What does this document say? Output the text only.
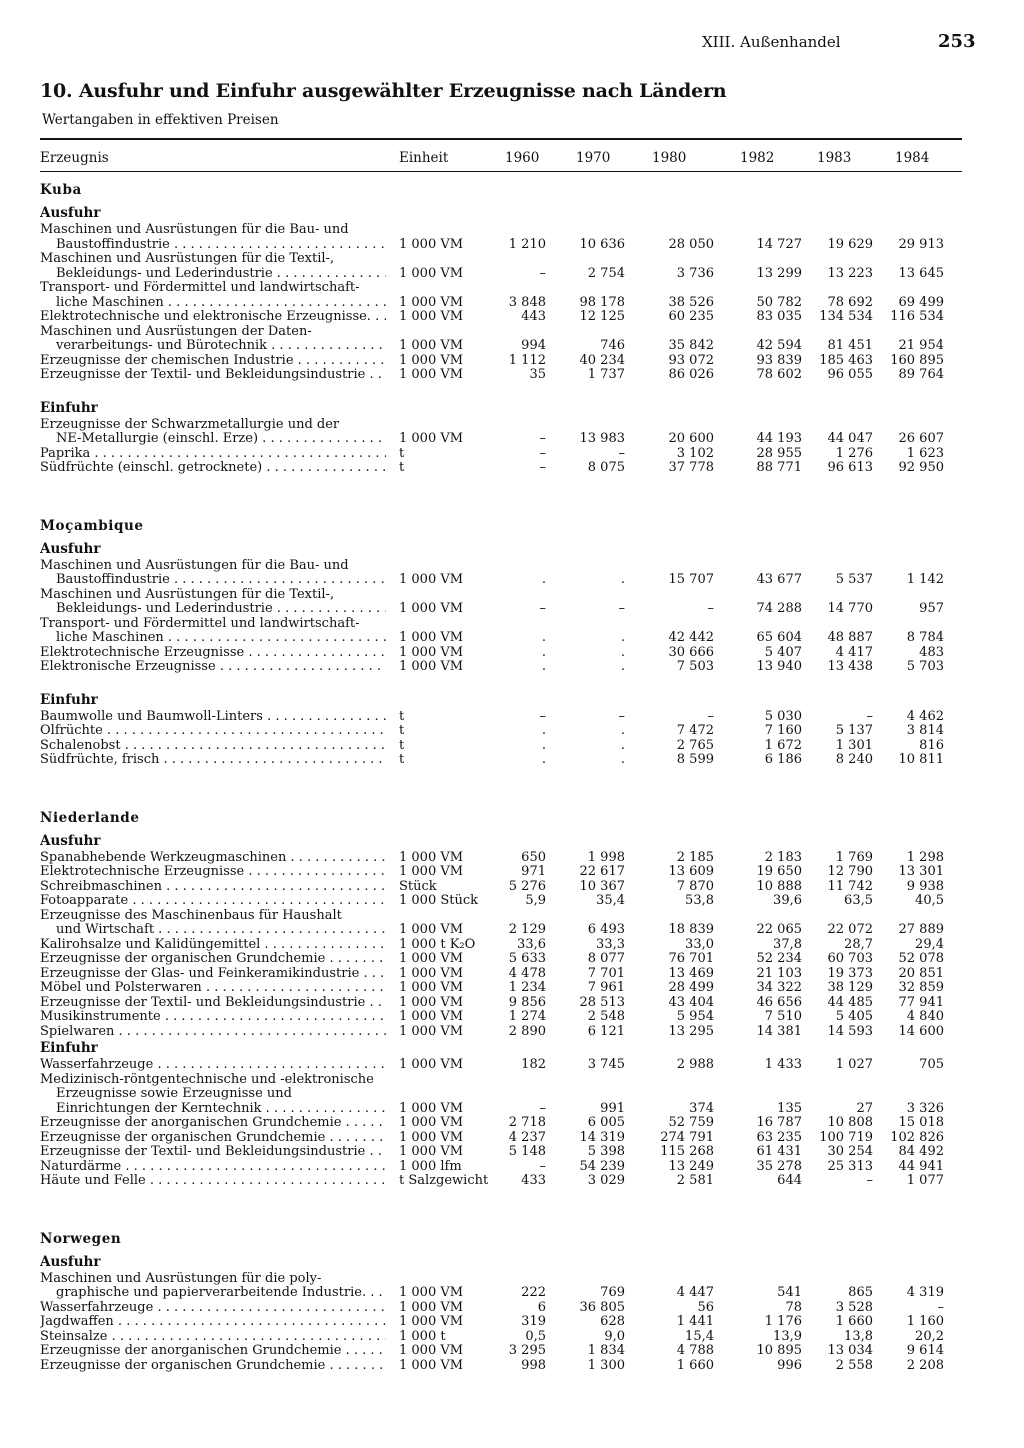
XIII. Außenhandel	253
10. Ausfuhr und Einfuhr ausgewählter Erzeugnisse nach Ländern
Wertangaben in effektiven Preisen
Erzeugnis	Einheit	1960	1970	1980	1982	1983	1984
Kuba
Ausfuhr
Maschinen und Ausrüstungen für die Bau- und
Baustoffindustrie . . .	1 000 VM	1 210	10 636	28 050	14 727	19 629	29 913
Maschinen und Ausrüstungen für die Textil-,
Bekleidungs- und Lederindustrie . . .	1 000 VM	–	2 754	3 736	13 299	13 223	13 645
Transport- und Fördermittel und landwirtschaft-
liche Maschinen . . .	1 000 VM	3 848	98 178	38 526	50 782	78 692	69 499
Elektrotechnische und elektronische Erzeugnisse. . . .	1 000 VM	443	12 125	60 235	83 035	134 534	116 534
Maschinen und Ausrüstungen der Daten-
verarbeitungs- und Bürotechnik . . .	1 000 VM	994	746	35 842	42 594	81 451	21 954
Erzeugnisse der chemischen Industrie . . .	1 000 VM	1 112	40 234	93 072	93 839	185 463	160 895
Erzeugnisse der Textil- und Bekleidungsindustrie . . .	1 000 VM	35	1 737	86 026	78 602	96 055	89 764
Einfuhr
Erzeugnisse der Schwarzmetallurgie und der
NE-Metallurgie (einschl. Erze) . . .	1 000 VM	–	13 983	20 600	44 193	44 047	26 607
Paprika . . .	t	–	–	3 102	28 955	1 276	1 623
Südfrüchte (einschl. getrocknete) . . .	t	–	8 075	37 778	88 771	96 613	92 950
Moçambique
Ausfuhr
Maschinen und Ausrüstungen für die Bau- und
Baustoffindustrie . . .	1 000 VM	.	.	15 707	43 677	5 537	1 142
Maschinen und Ausrüstungen für die Textil-,
Bekleidungs- und Lederindustrie . . .	1 000 VM	–	–	–	74 288	14 770	957
Transport- und Fördermittel und landwirtschaft-
liche Maschinen . . .	1 000 VM	.	.	42 442	65 604	48 887	8 784
Elektrotechnische Erzeugnisse . . .	1 000 VM	.	.	30 666	5 407	4 417	483
Elektronische Erzeugnisse . . .	1 000 VM	.	.	7 503	13 940	13 438	5 703
Einfuhr
Baumwolle und Baumwoll-Linters . . .	t	–	–	–	5 030	–	4 462
Ölfrüchte . . .	t	.	.	7 472	7 160	5 137	3 814
Schalenobst . . .	t	.	.	2 765	1 672	1 301	816
Südfrüchte, frisch . . .	t	.	.	8 599	6 186	8 240	10 811
Niederlande
Ausfuhr
Spanabhebende Werkzeugmaschinen . . .	1 000 VM	650	1 998	2 185	2 183	1 769	1 298
Elektrotechnische Erzeugnisse . . .	1 000 VM	971	22 617	13 609	19 650	12 790	13 301
Schreibmaschinen . . .	Stück	5 276	10 367	7 870	10 888	11 742	9 938
Fotoapparate . . .	1 000 Stück	5,9	35,4	53,8	39,6	63,5	40,5
Erzeugnisse des Maschinenbaus für Haushalt
und Wirtschaft . . .	1 000 VM	2 129	6 493	18 839	22 065	22 072	27 889
Kalirohsalze und Kalidüngemittel . . .	1 000 t K₂O	33,6	33,3	33,0	37,8	28,7	29,4
Erzeugnisse der organischen Grundchemie . . .	1 000 VM	5 633	8 077	76 701	52 234	60 703	52 078
Erzeugnisse der Glas- und Feinkeramikindustrie . . . .	1 000 VM	4 478	7 701	13 469	21 103	19 373	20 851
Möbel und Polsterwaren . . .	1 000 VM	1 234	7 961	28 499	34 322	38 129	32 859
Erzeugnisse der Textil- und Bekleidungsindustrie . . .	1 000 VM	9 856	28 513	43 404	46 656	44 485	77 941
Musikinstrumente . . .	1 000 VM	1 274	2 548	5 954	7 510	5 405	4 840
Spielwaren . . .	1 000 VM	2 890	6 121	13 295	14 381	14 593	14 600
Einfuhr
Wasserfahrzeuge . . .	1 000 VM	182	3 745	2 988	1 433	1 027	705
Medizinisch-röntgentechnische und -elektronische
Erzeugnisse sowie Erzeugnisse und
Einrichtungen der Kerntechnik . . .	1 000 VM	–	991	374	135	27	3 326
Erzeugnisse der anorganischen Grundchemie . . .	1 000 VM	2 718	6 005	52 759	16 787	10 808	15 018
Erzeugnisse der organischen Grundchemie . . .	1 000 VM	4 237	14 319	274 791	63 235	100 719	102 826
Erzeugnisse der Textil- und Bekleidungsindustrie . . .	1 000 VM	5 148	5 398	115 268	61 431	30 254	84 492
Naturdärme . . .	1 000 lfm	–	54 239	13 249	35 278	25 313	44 941
Häute und Felle . . .	t Salzgewicht	433	3 029	2 581	644	–	1 077
Norwegen
Ausfuhr
Maschinen und Ausrüstungen für die poly-
graphische und papierverarbeitende Industrie. . . .	1 000 VM	222	769	4 447	541	865	4 319
Wasserfahrzeuge . . .	1 000 VM	6	36 805	56	78	3 528	–
Jagdwaffen . . .	1 000 VM	319	628	1 441	1 176	1 660	1 160
Steinsalze . . .	1 000 t	0,5	9,0	15,4	13,9	13,8	20,2
Erzeugnisse der anorganischen Grundchemie . . .	1 000 VM	3 295	1 834	4 788	10 895	13 034	9 614
Erzeugnisse der organischen Grundchemie . . .	1 000 VM	998	1 300	1 660	996	2 558	2 208
